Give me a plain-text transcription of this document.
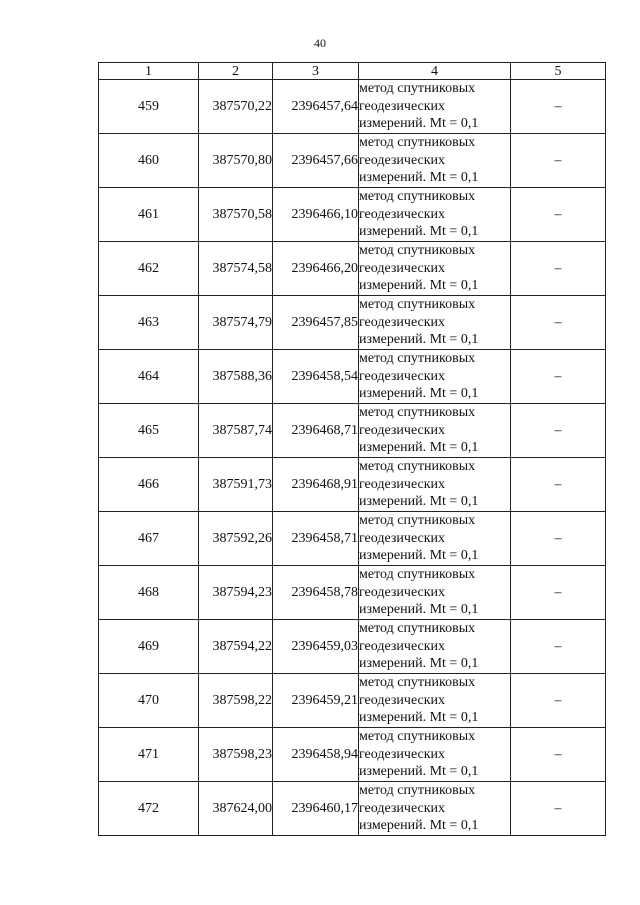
40
1	2	3	4	5
459	387570,22	2396457,64	метод спутниковых
геодезических
измерений. Mt = 0,1	–
460	387570,80	2396457,66	метод спутниковых
геодезических
измерений. Mt = 0,1	–
461	387570,58	2396466,10	метод спутниковых
геодезических
измерений. Mt = 0,1	–
462	387574,58	2396466,20	метод спутниковых
геодезических
измерений. Mt = 0,1	–
463	387574,79	2396457,85	метод спутниковых
геодезических
измерений. Mt = 0,1	–
464	387588,36	2396458,54	метод спутниковых
геодезических
измерений. Mt = 0,1	–
465	387587,74	2396468,71	метод спутниковых
геодезических
измерений. Mt = 0,1	–
466	387591,73	2396468,91	метод спутниковых
геодезических
измерений. Mt = 0,1	–
467	387592,26	2396458,71	метод спутниковых
геодезических
измерений. Mt = 0,1	–
468	387594,23	2396458,78	метод спутниковых
геодезических
измерений. Mt = 0,1	–
469	387594,22	2396459,03	метод спутниковых
геодезических
измерений. Mt = 0,1	–
470	387598,22	2396459,21	метод спутниковых
геодезических
измерений. Mt = 0,1	–
471	387598,23	2396458,94	метод спутниковых
геодезических
измерений. Mt = 0,1	–
472	387624,00	2396460,17	метод спутниковых
геодезических
измерений. Mt = 0,1	–
